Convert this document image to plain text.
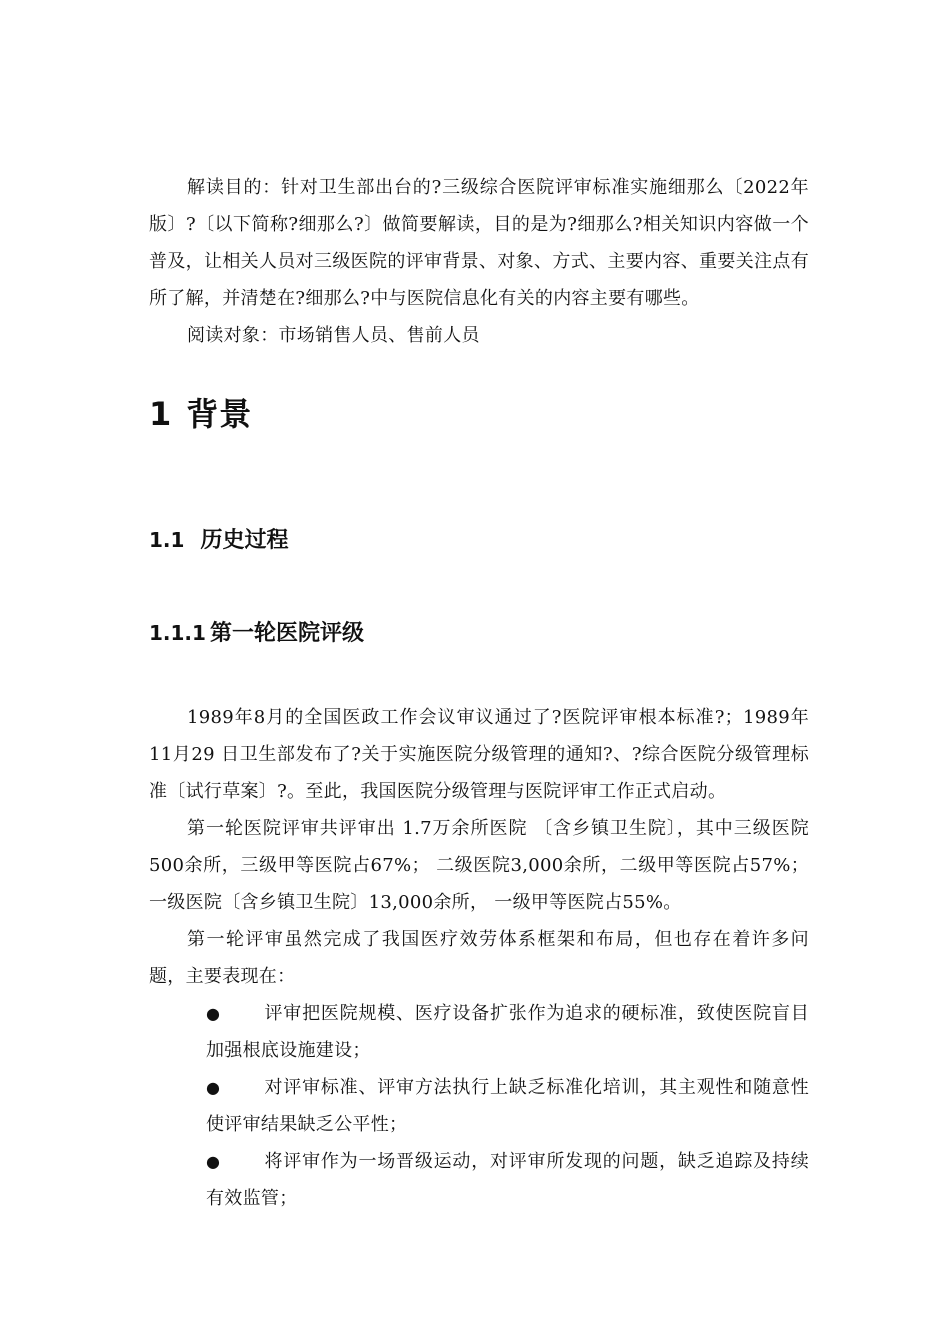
解读目的：针对卫生部出台的?三级综合医院评审标准实施细那么〔2022年版〕?〔以下简称?细那么?〕做简要解读，目的是为?细那么?相关知识内容做一个普及，让相关人员对三级医院的评审背景、对象、方式、主要内容、重要关注点有所了解，并清楚在?细那么?中与医院信息化有关的内容主要有哪些。

阅读对象：市场销售人员、售前人员

1 背景
1.1 历史过程
1.1.1 第一轮医院评级

1989年8月的全国医政工作会议审议通过了?医院评审根本标准?；1989年11月29 日卫生部发布了?关于实施医院分级管理的通知?、?综合医院分级管理标准〔试行草案〕?。至此，我国医院分级管理与医院评审工作正式启动。

第一轮医院评审共评审出 1.7万余所医院 〔含乡镇卫生院〕，其中三级医院500余所，三级甲等医院占67%； 二级医院3,000余所，二级甲等医院占57%； 一级医院〔含乡镇卫生院〕13,000余所， 一级甲等医院占55%。

第一轮评审虽然完成了我国医疗效劳体系框架和布局，但也存在着许多问题，主要表现在：

● 评审把医院规模、医疗设备扩张作为追求的硬标准，致使医院盲目加强根底设施建设；
● 对评审标准、评审方法执行上缺乏标准化培训，其主观性和随意性使评审结果缺乏公平性；
● 将评审作为一场晋级运动，对评审所发现的问题，缺乏追踪及持续有效监管；
